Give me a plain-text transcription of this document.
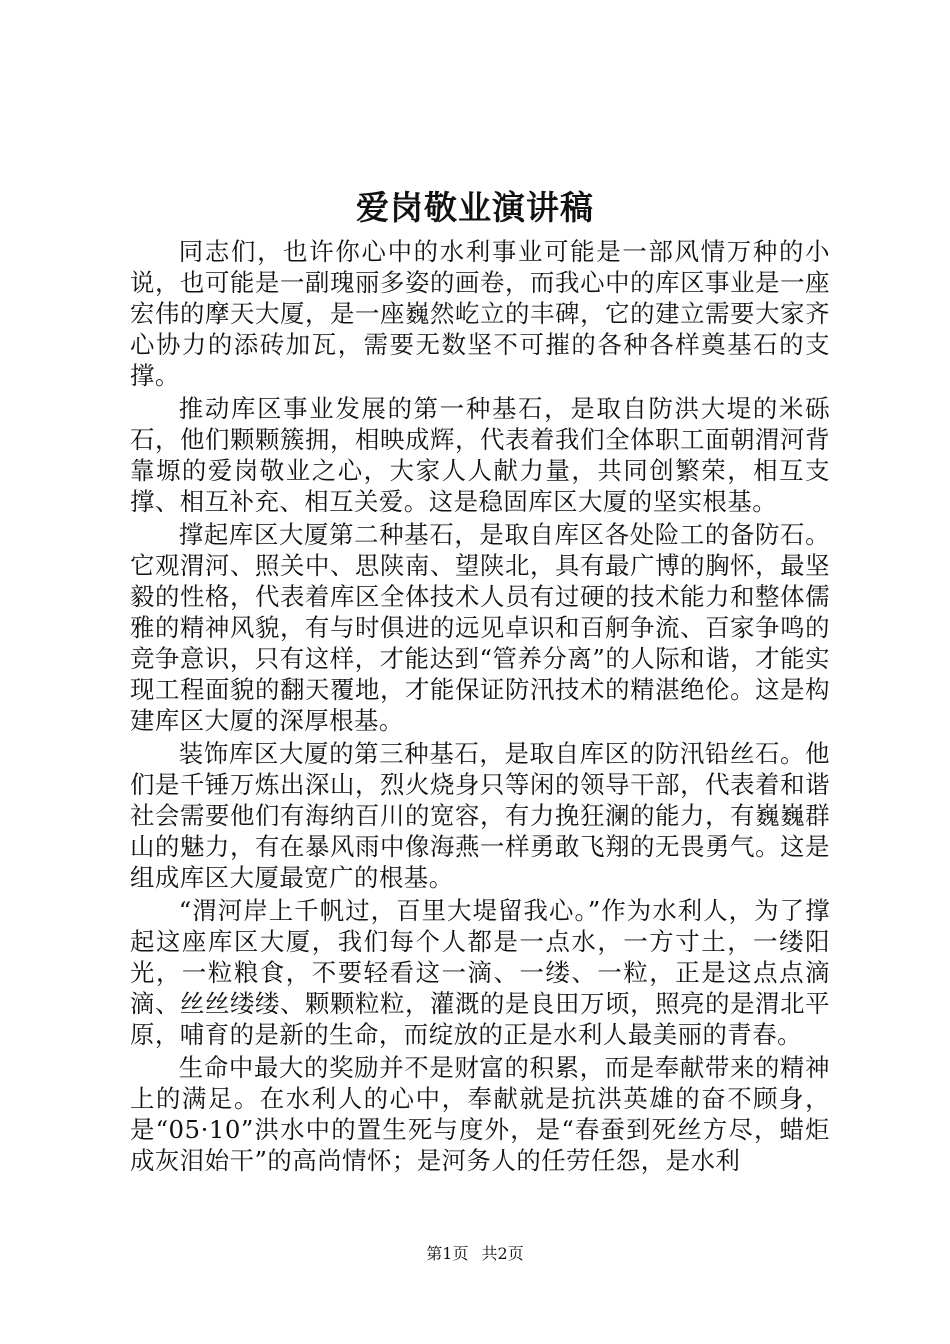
爱岗敬业演讲稿

同志们，也许你心中的水利事业可能是一部风情万种的小说，也可能是一副瑰丽多姿的画卷，而我心中的库区事业是一座宏伟的摩天大厦，是一座巍然屹立的丰碑，它的建立需要大家齐心协力的添砖加瓦，需要无数坚不可摧的各种各样奠基石的支撑。

推动库区事业发展的第一种基石，是取自防洪大堤的米砾石，他们颗颗簇拥，相映成辉，代表着我们全体职工面朝渭河背靠塬的爱岗敬业之心，大家人人献力量，共同创繁荣，相互支撑、相互补充、相互关爱。这是稳固库区大厦的坚实根基。

撑起库区大厦第二种基石，是取自库区各处险工的备防石。它观渭河、照关中、思陕南、望陕北，具有最广博的胸怀，最坚毅的性格，代表着库区全体技术人员有过硬的技术能力和整体儒雅的精神风貌，有与时俱进的远见卓识和百舸争流、百家争鸣的竞争意识，只有这样，才能达到“管养分离”的人际和谐，才能实现工程面貌的翻天覆地，才能保证防汛技术的精湛绝伦。这是构建库区大厦的深厚根基。

装饰库区大厦的第三种基石，是取自库区的防汛铅丝石。他们是千锤万炼出深山，烈火烧身只等闲的领导干部，代表着和谐社会需要他们有海纳百川的宽容，有力挽狂澜的能力，有巍巍群山的魅力，有在暴风雨中像海燕一样勇敢飞翔的无畏勇气。这是组成库区大厦最宽广的根基。

“渭河岸上千帆过，百里大堤留我心。”作为水利人，为了撑起这座库区大厦，我们每个人都是一点水，一方寸土，一缕阳光，一粒粮食，不要轻看这一滴、一缕、一粒，正是这点点滴滴、丝丝缕缕、颗颗粒粒，灌溉的是良田万顷，照亮的是渭北平原，哺育的是新的生命，而绽放的正是水利人最美丽的青春。

生命中最大的奖励并不是财富的积累，而是奉献带来的精神上的满足。在水利人的心中，奉献就是抗洪英雄的奋不顾身，是“05·10”洪水中的置生死与度外，是“春蚕到死丝方尽，蜡炬成灰泪始干”的高尚情怀；是河务人的任劳任怨，是水利

第1页 共2页
